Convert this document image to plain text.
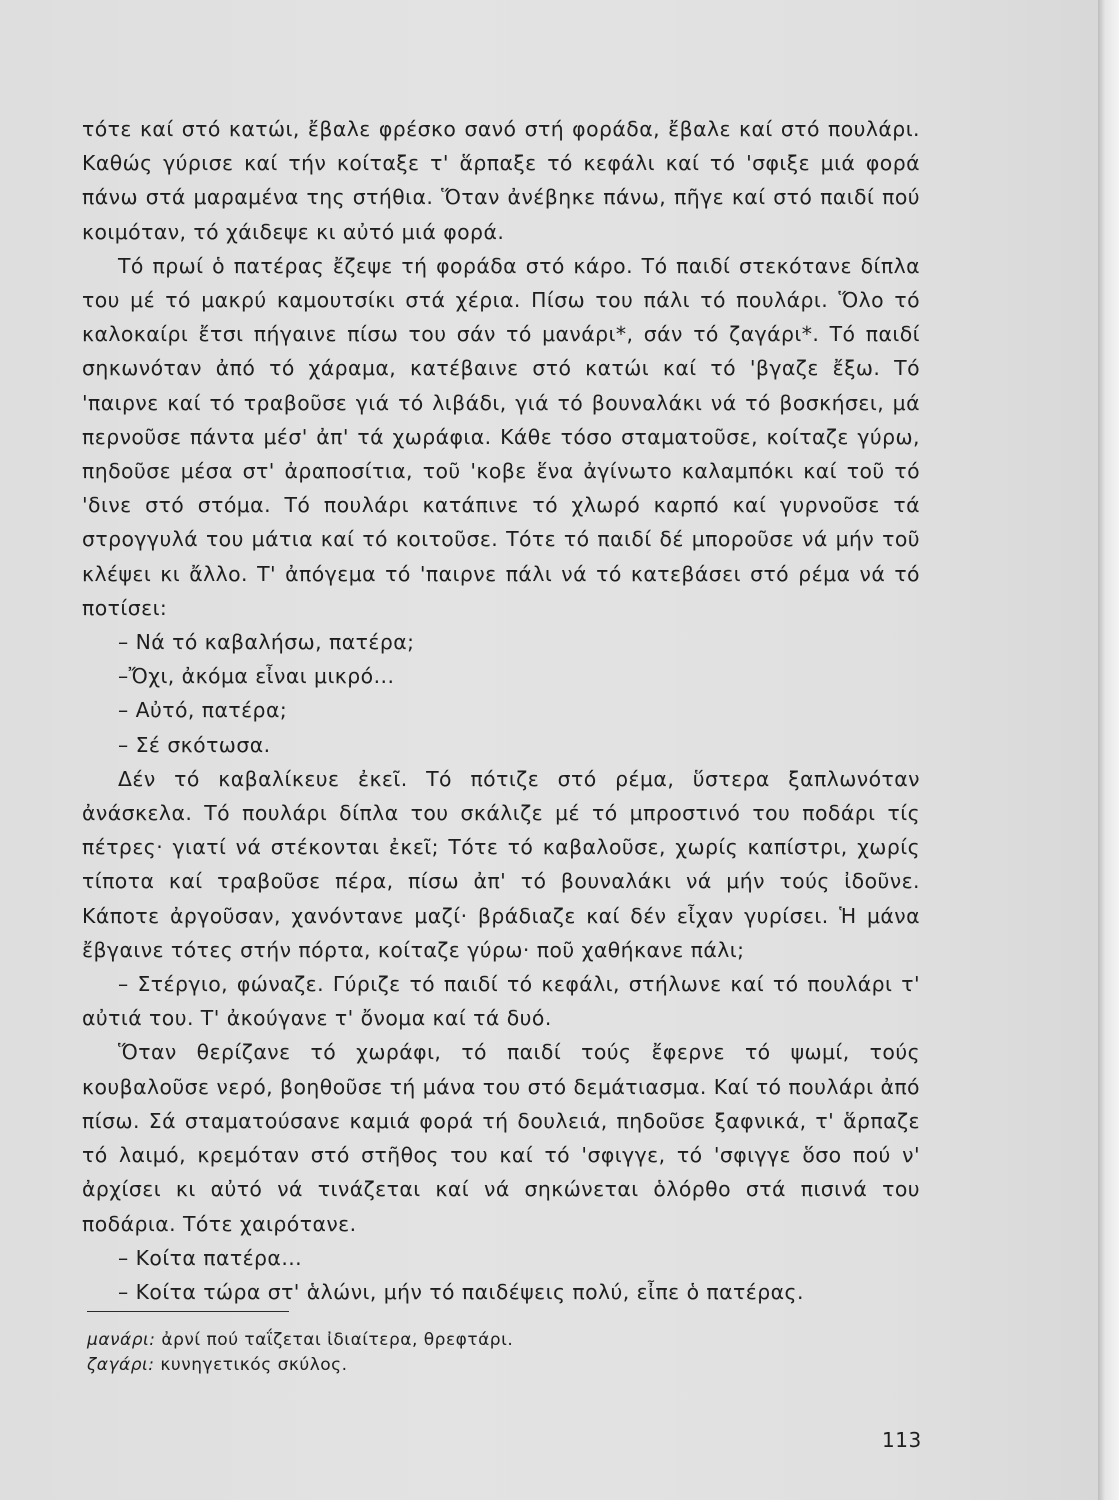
τότε καί στό κατώι, ἔβαλε φρέσκο σανό στή φοράδα, ἔβαλε καί στό πουλάρι. Καθώς γύρισε καί τήν κοίταξε τ' ἅρπαξε τό κεφάλι καί τό 'σφιξε μιά φορά πάνω στά μαραμένα της στήθια. Ὅταν ἀνέβηκε πάνω, πῆγε καί στό παιδί πού κοιμόταν, τό χάιδεψε κι αὐτό μιά φορά.

Τό πρωί ὁ πατέρας ἔζεψε τή φοράδα στό κάρο. Τό παιδί στεκότανε δίπλα του μέ τό μακρύ καμουτσίκι στά χέρια. Πίσω του πάλι τό πουλάρι. Ὅλο τό καλοκαίρι ἔτσι πήγαινε πίσω του σάν τό μανάρι*, σάν τό ζαγάρι*. Τό παιδί σηκωνόταν ἀπό τό χάραμα, κατέβαινε στό κατώι καί τό 'βγαζε ἔξω. Τό 'παιρνε καί τό τραβοῦσε γιά τό λιβάδι, γιά τό βουναλάκι νά τό βοσκήσει, μά περνοῦσε πάντα μέσ' ἀπ' τά χωράφια. Κάθε τόσο σταματοῦσε, κοίταζε γύρω, πηδοῦσε μέσα στ' ἀραποσίτια, τοῦ 'κοβε ἕνα ἀγίνωτο καλαμπόκι καί τοῦ τό 'δινε στό στόμα. Τό πουλάρι κατάπινε τό χλωρό καρπό καί γυρνοῦσε τά στρογγυλά του μάτια καί τό κοιτοῦσε. Τότε τό παιδί δέ μποροῦσε νά μήν τοῦ κλέψει κι ἄλλο. Τ' ἀπόγεμα τό 'παιρνε πάλι νά τό κατεβάσει στό ρέμα νά τό ποτίσει:

– Νά τό καβαλήσω, πατέρα;

–Ὄχι, ἀκόμα εἶναι μικρό...

– Αὐτό, πατέρα;

– Σέ σκότωσα.

Δέν τό καβαλίκευε ἐκεῖ. Τό πότιζε στό ρέμα, ὕστερα ξαπλωνόταν ἀνάσκελα. Τό πουλάρι δίπλα του σκάλιζε μέ τό μπροστινό του ποδάρι τίς πέτρες· γιατί νά στέκονται ἐκεῖ; Τότε τό καβαλοῦσε, χωρίς καπίστρι, χωρίς τίποτα καί τραβοῦσε πέρα, πίσω ἀπ' τό βουναλάκι νά μήν τούς ἰδοῦνε. Κάποτε ἀργοῦσαν, χανόντανε μαζί· βράδιαζε καί δέν εἶχαν γυρίσει. Ἡ μάνα ἔβγαινε τότες στήν πόρτα, κοίταζε γύρω· ποῦ χαθήκανε πάλι;

– Στέργιο, φώναζε. Γύριζε τό παιδί τό κεφάλι, στήλωνε καί τό πουλάρι τ' αὐτιά του. Τ' ἀκούγανε τ' ὄνομα καί τά δυό.

Ὅταν θερίζανε τό χωράφι, τό παιδί τούς ἔφερνε τό ψωμί, τούς κουβαλοῦσε νερό, βοηθοῦσε τή μάνα του στό δεμάτιασμα. Καί τό πουλάρι ἀπό πίσω. Σά σταματούσανε καμιά φορά τή δουλειά, πηδοῦσε ξαφνικά, τ' ἅρπαζε τό λαιμό, κρεμόταν στό στῆθος του καί τό 'σφιγγε, τό 'σφιγγε ὅσο πού ν' ἀρχίσει κι αὐτό νά τινάζεται καί νά σηκώνεται ὁλόρθο στά πισινά του ποδάρια. Τότε χαιρότανε.

– Κοίτα πατέρα...

– Κοίτα τώρα στ' ἁλώνι, μήν τό παιδέψεις πολύ, εἶπε ὁ πατέρας.

μανάρι: ἀρνί πού ταΐζεται ἰδιαίτερα, θρεφτάρι.
ζαγάρι: κυνηγετικός σκύλος.
113
